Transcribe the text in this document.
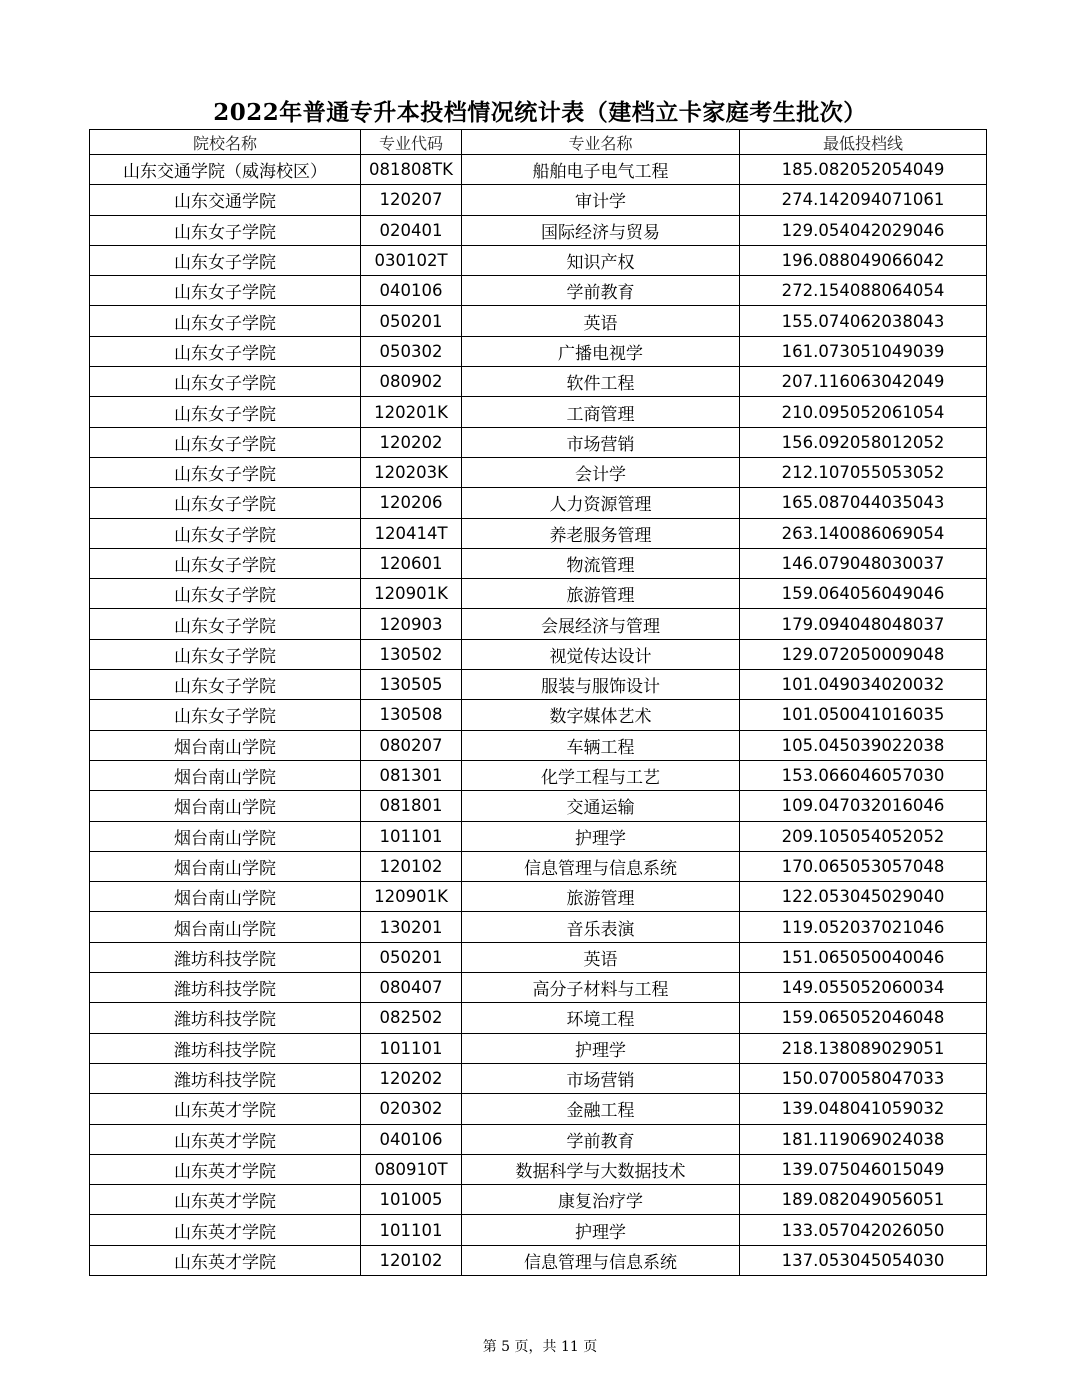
2022年普通专升本投档情况统计表（建档立卡家庭考生批次）
院校名称	专业代码	专业名称	最低投档线
山东交通学院（威海校区）	081808TK	船舶电子电气工程	185.082052054049
山东交通学院	120207	审计学	274.142094071061
山东女子学院	020401	国际经济与贸易	129.054042029046
山东女子学院	030102T	知识产权	196.088049066042
山东女子学院	040106	学前教育	272.154088064054
山东女子学院	050201	英语	155.074062038043
山东女子学院	050302	广播电视学	161.073051049039
山东女子学院	080902	软件工程	207.116063042049
山东女子学院	120201K	工商管理	210.095052061054
山东女子学院	120202	市场营销	156.092058012052
山东女子学院	120203K	会计学	212.107055053052
山东女子学院	120206	人力资源管理	165.087044035043
山东女子学院	120414T	养老服务管理	263.140086069054
山东女子学院	120601	物流管理	146.079048030037
山东女子学院	120901K	旅游管理	159.064056049046
山东女子学院	120903	会展经济与管理	179.094048048037
山东女子学院	130502	视觉传达设计	129.072050009048
山东女子学院	130505	服装与服饰设计	101.049034020032
山东女子学院	130508	数字媒体艺术	101.050041016035
烟台南山学院	080207	车辆工程	105.045039022038
烟台南山学院	081301	化学工程与工艺	153.066046057030
烟台南山学院	081801	交通运输	109.047032016046
烟台南山学院	101101	护理学	209.105054052052
烟台南山学院	120102	信息管理与信息系统	170.065053057048
烟台南山学院	120901K	旅游管理	122.053045029040
烟台南山学院	130201	音乐表演	119.052037021046
潍坊科技学院	050201	英语	151.065050040046
潍坊科技学院	080407	高分子材料与工程	149.055052060034
潍坊科技学院	082502	环境工程	159.065052046048
潍坊科技学院	101101	护理学	218.138089029051
潍坊科技学院	120202	市场营销	150.070058047033
山东英才学院	020302	金融工程	139.048041059032
山东英才学院	040106	学前教育	181.119069024038
山东英才学院	080910T	数据科学与大数据技术	139.075046015049
山东英才学院	101005	康复治疗学	189.082049056051
山东英才学院	101101	护理学	133.057042026050
山东英才学院	120102	信息管理与信息系统	137.053045054030
第 5 页，共 11 页
